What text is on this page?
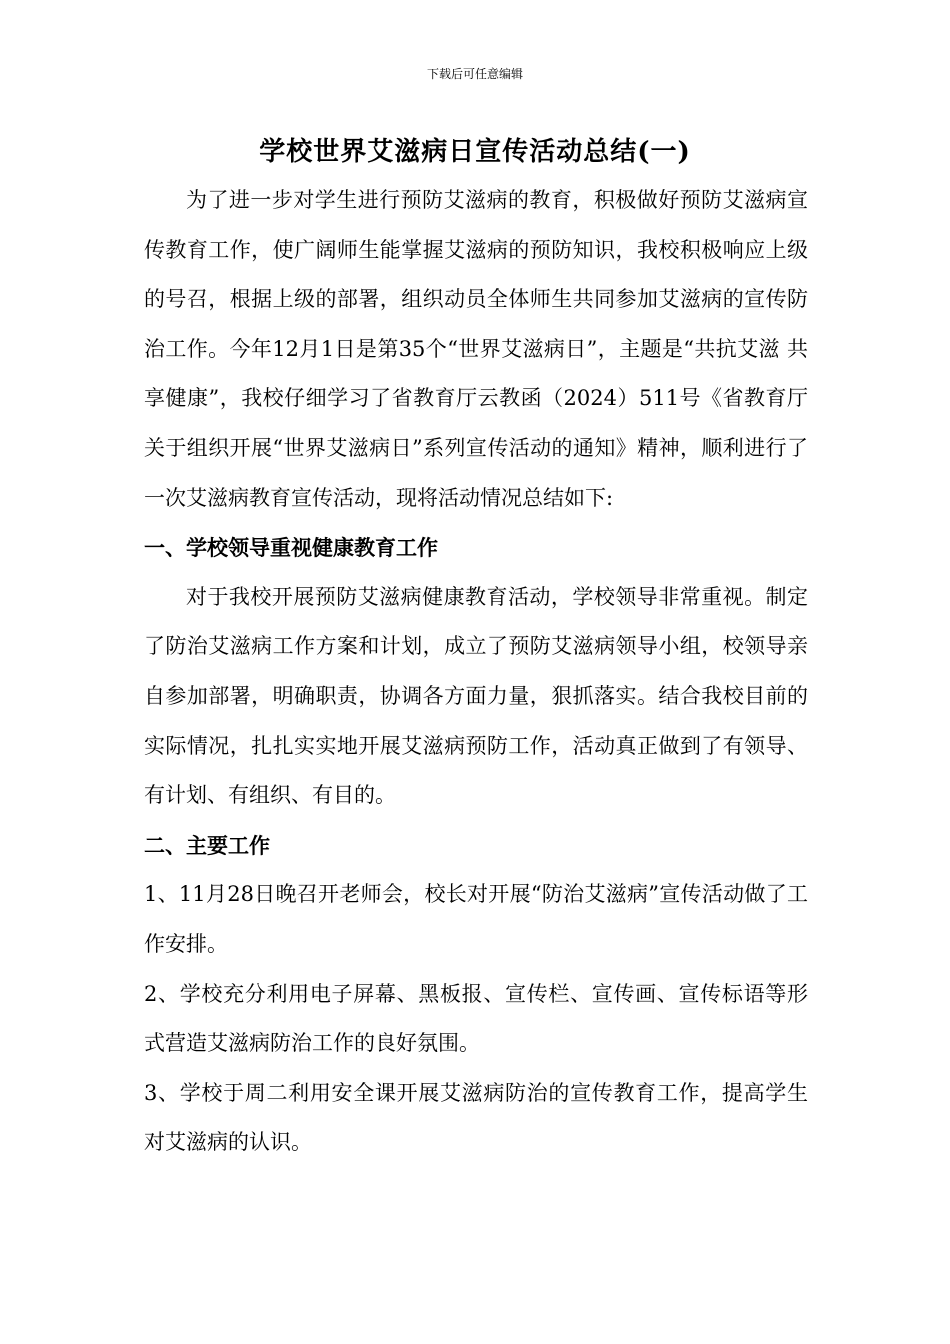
下载后可任意编辑
学校世界艾滋病日宣传活动总结(一)

为了进一步对学生进行预防艾滋病的教育，积极做好预防艾滋病宣传教育工作，使广阔师生能掌握艾滋病的预防知识，我校积极响应上级的号召，根据上级的部署，组织动员全体师生共同参加艾滋病的宣传防治工作。今年12月1日是第35个“世界艾滋病日”，主题是“共抗艾滋 共享健康”，我校仔细学习了省教育厅云教函（2024）511号《省教育厅关于组织开展“世界艾滋病日”系列宣传活动的通知》精神，顺利进行了一次艾滋病教育宣传活动，现将活动情况总结如下:

一、学校领导重视健康教育工作

对于我校开展预防艾滋病健康教育活动，学校领导非常重视。制定了防治艾滋病工作方案和计划，成立了预防艾滋病领导小组，校领导亲自参加部署，明确职责，协调各方面力量，狠抓落实。结合我校目前的实际情况，扎扎实实地开展艾滋病预防工作，活动真正做到了有领导、有计划、有组织、有目的。

二、主要工作

1、11月28日晚召开老师会，校长对开展“防治艾滋病”宣传活动做了工作安排。

2、学校充分利用电子屏幕、黑板报、宣传栏、宣传画、宣传标语等形式营造艾滋病防治工作的良好氛围。

3、学校于周二利用安全课开展艾滋病防治的宣传教育工作，提高学生对艾滋病的认识。
